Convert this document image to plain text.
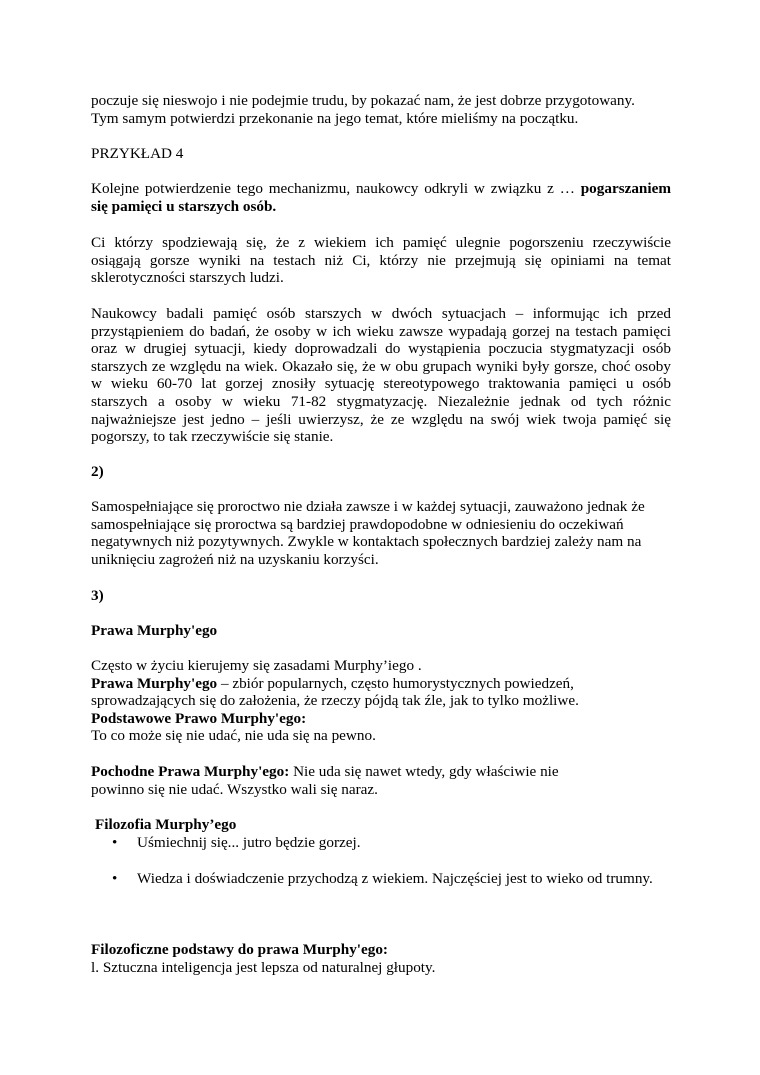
poczuje się nieswojo i nie podejmie trudu, by pokazać nam, że jest dobrze przygotowany.
Tym samym potwierdzi przekonanie na jego temat, które mieliśmy na początku.
PRZYKŁAD 4
Kolejne potwierdzenie tego mechanizmu, naukowcy odkryli w związku z … pogarszaniem
się pamięci u starszych osób.
Ci którzy spodziewają się, że z wiekiem ich pamięć ulegnie pogorszeniu rzeczywiście
osiągają gorsze wyniki na testach niż Ci, którzy nie przejmują się opiniami na temat
sklerotyczności starszych ludzi.
Naukowcy badali pamięć osób starszych w dwóch sytuacjach – informując ich przed
przystąpieniem do badań, że osoby w ich wieku zawsze wypadają gorzej na testach pamięci
oraz w drugiej sytuacji, kiedy doprowadzali do wystąpienia poczucia stygmatyzacji osób
starszych ze względu na wiek. Okazało się, że w obu grupach wyniki były gorsze, choć osoby
w wieku 60-70 lat gorzej znosiły sytuację stereotypowego traktowania pamięci u osób
starszych a osoby w wieku 71-82 stygmatyzację. Niezależnie jednak od tych różnic
najważniejsze jest jedno – jeśli uwierzysz, że ze względu na swój wiek twoja pamięć się
pogorszy, to tak rzeczywiście się stanie.
2)
Samospełniające się proroctwo nie działa zawsze i w każdej sytuacji, zauważono jednak że
samospełniające się proroctwa są bardziej prawdopodobne w odniesieniu do oczekiwań
negatywnych niż pozytywnych. Zwykle w kontaktach społecznych bardziej zależy nam na
uniknięciu zagrożeń niż na uzyskaniu korzyści.
3)
Prawa Murphy'ego
Często w życiu kierujemy się zasadami Murphy’iego .
Prawa Murphy'ego – zbiór popularnych, często humorystycznych powiedzeń,
sprowadzających się do założenia, że rzeczy pójdą tak źle, jak to tylko możliwe.
Podstawowe Prawo Murphy'ego:
To co może się nie udać, nie uda się na pewno.
Pochodne Prawa Murphy'ego: Nie uda się nawet wtedy, gdy właściwie nie
powinno się nie udać. Wszystko wali się naraz.
Filozofia Murphy’ego
• Uśmiechnij się... jutro będzie gorzej.
• Wiedza i doświadczenie przychodzą z wiekiem. Najczęściej jest to wieko od trumny.
Filozoficzne podstawy do prawa Murphy'ego:
l. Sztuczna inteligencja jest lepsza od naturalnej głupoty.
